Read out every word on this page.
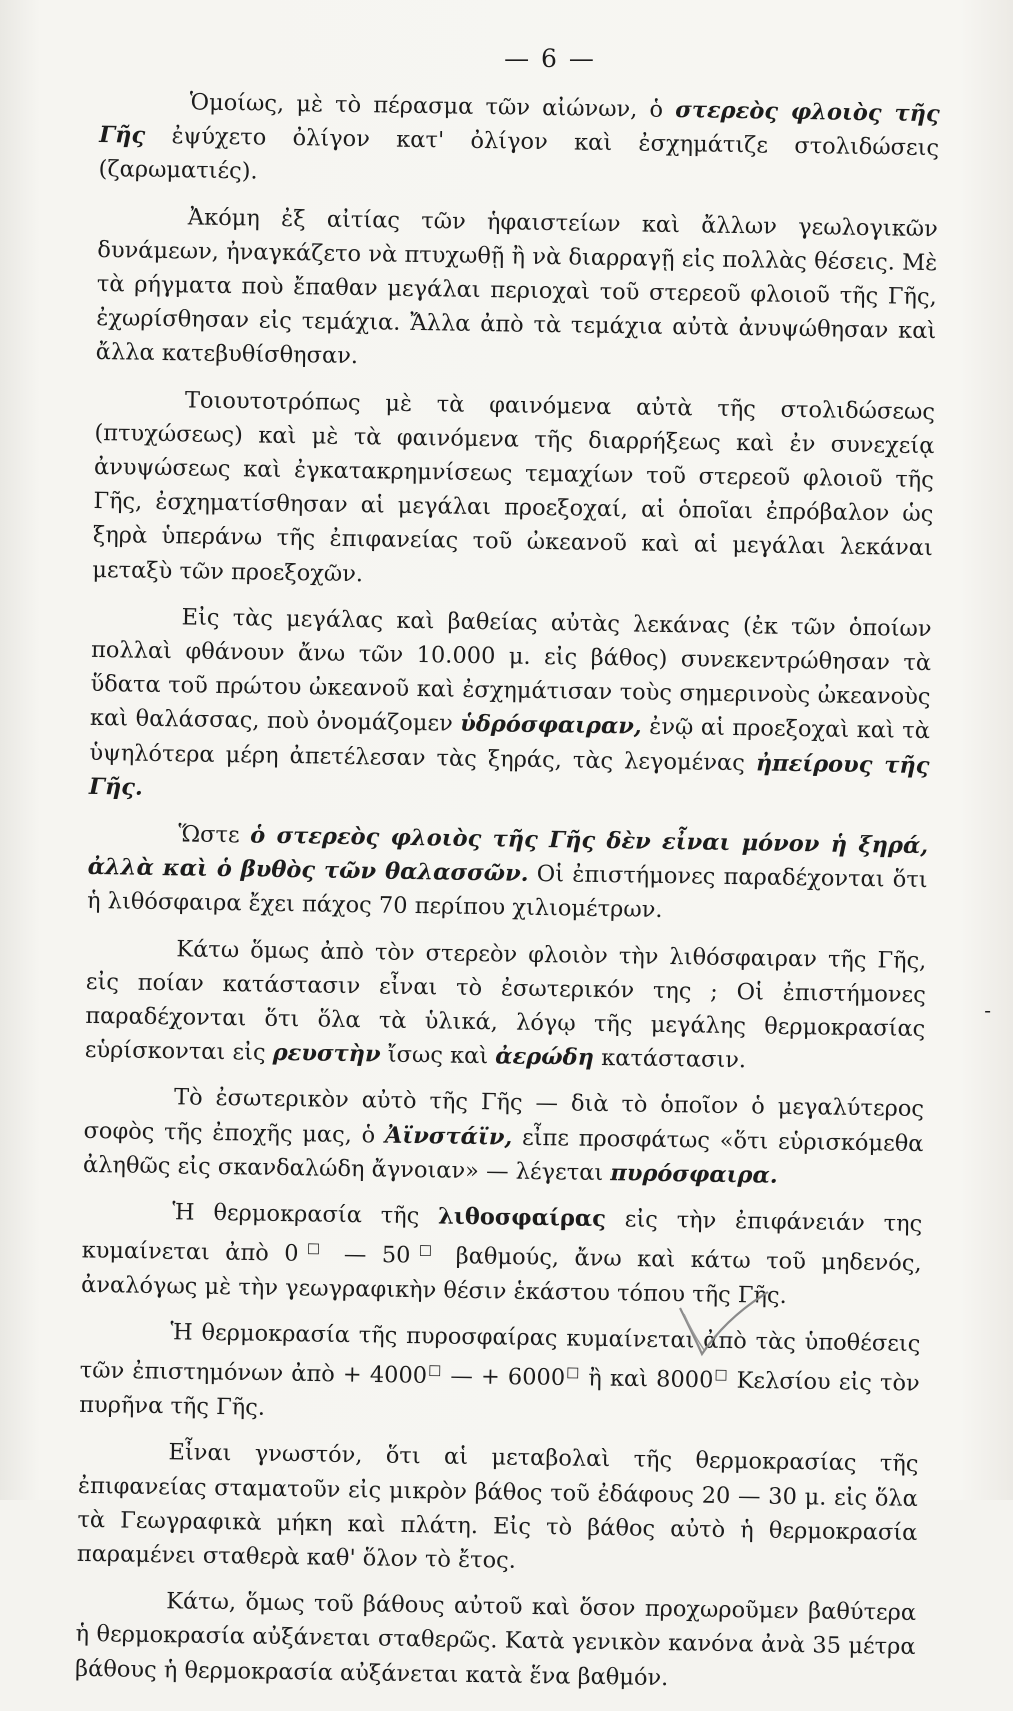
— 6 —

Ὁμοίως, μὲ τὸ πέρασμα τῶν αἰώνων, ὁ στερεὸς φλοιὸς τῆς Γῆς ἐψύχετο ὀλίγον κατ' ὀλίγον καὶ ἐσχημάτιζε στολιδώσεις (ζαρωματιές).

Ἀκόμη ἐξ αἰτίας τῶν ἡφαιστείων καὶ ἄλλων γεωλογικῶν δυνάμεων, ἠναγκάζετο νὰ πτυχωθῇ ἢ νὰ διαρραγῇ εἰς πολλὰς θέσεις. Μὲ τὰ ρήγματα ποὺ ἔπαθαν μεγάλαι περιοχαὶ τοῦ στερεοῦ φλοιοῦ τῆς Γῆς, ἐχωρίσθησαν εἰς τεμάχια. Ἄλλα ἀπὸ τὰ τεμάχια αὐτὰ ἀνυψώθησαν καὶ ἄλλα κατεβυθίσθησαν.

Τοιουτοτρόπως μὲ τὰ φαινόμενα αὐτὰ τῆς στολιδώσεως (πτυχώσεως) καὶ μὲ τὰ φαινόμενα τῆς διαρρήξεως καὶ ἐν συνεχείᾳ ἀνυψώσεως καὶ ἐγκατακρημνίσεως τεμαχίων τοῦ στερεοῦ φλοιοῦ τῆς Γῆς, ἐσχηματίσθησαν αἱ μεγάλαι προεξοχαί, αἱ ὁποῖαι ἐπρόβαλον ὡς ξηρὰ ὑπεράνω τῆς ἐπιφανείας τοῦ ὠκεανοῦ καὶ αἱ μεγάλαι λεκάναι μεταξὺ τῶν προεξοχῶν.

Εἰς τὰς μεγάλας καὶ βαθείας αὐτὰς λεκάνας (ἐκ τῶν ὁποίων πολλαὶ φθάνουν ἄνω τῶν 10.000 μ. εἰς βάθος) συνεκεντρώθησαν τὰ ὕδατα τοῦ πρώτου ὠκεανοῦ καὶ ἐσχημάτισαν τοὺς σημερινοὺς ὠκεανοὺς καὶ θαλάσσας, ποὺ ὀνομάζομεν ὑδρόσφαιραν, ἐνῷ αἱ προεξοχαὶ καὶ τὰ ὑψηλότερα μέρη ἀπετέλεσαν τὰς ξηράς, τὰς λεγομένας ἠπείρους τῆς Γῆς.

Ὥστε ὁ στερεὸς φλοιὸς τῆς Γῆς δὲν εἶναι μόνον ἡ ξηρά, ἀλλὰ καὶ ὁ βυθὸς τῶν θαλασσῶν. Οἱ ἐπιστήμονες παραδέχονται ὅτι ἡ λιθόσφαιρα ἔχει πάχος 70 περίπου χιλιομέτρων.

Κάτω ὅμως ἀπὸ τὸν στερεὸν φλοιὸν τὴν λιθόσφαιραν τῆς Γῆς, εἰς ποίαν κατάστασιν εἶναι τὸ ἐσωτερικόν της ; Οἱ ἐπιστήμονες παραδέχονται ὅτι ὅλα τὰ ὑλικά, λόγῳ τῆς μεγάλης θερμοκρασίας εὑρίσκονται εἰς ρευστὴν ἴσως καὶ ἀερώδη κατάστασιν.

Τὸ ἐσωτερικὸν αὐτὸ τῆς Γῆς — διὰ τὸ ὁποῖον ὁ μεγαλύτερος σοφὸς τῆς ἐποχῆς μας, ὁ Ἀϊνστάϊν, εἶπε προσφάτως «ὅτι εὑρισκόμεθα ἀληθῶς εἰς σκανδαλώδη ἄγνοιαν» — λέγεται πυρόσφαιρα.

Ἡ θερμοκρασία τῆς λιθοσφαίρας εἰς τὴν ἐπιφάνειάν της κυμαίνεται ἀπὸ 0□ — 50□ βαθμούς, ἄνω καὶ κάτω τοῦ μηδενός, ἀναλόγως μὲ τὴν γεωγραφικὴν θέσιν ἑκάστου τόπου τῆς Γῆς.

Ἡ θερμοκρασία τῆς πυροσφαίρας κυμαίνεται ἀπὸ τὰς ὑποθέσεις τῶν ἐπιστημόνων ἀπὸ + 4000□ — + 6000□ ἢ καὶ 8000□ Κελσίου εἰς τὸν πυρῆνα τῆς Γῆς.

Εἶναι γνωστόν, ὅτι αἱ μεταβολαὶ τῆς θερμοκρασίας τῆς ἐπιφανείας σταματοῦν εἰς μικρὸν βάθος τοῦ ἐδάφους 20 — 30 μ. εἰς ὅλα τὰ Γεωγραφικὰ μήκη καὶ πλάτη. Εἰς τὸ βάθος αὐτὸ ἡ θερμοκρασία παραμένει σταθερὰ καθ' ὅλον τὸ ἔτος.

Κάτω, ὅμως τοῦ βάθους αὐτοῦ καὶ ὅσον προχωροῦμεν βαθύτερα ἡ θερμοκρασία αὐξάνεται σταθερῶς. Κατὰ γενικὸν κανόνα ἀνὰ 35 μέτρα βάθους ἡ θερμοκρασία αὐξάνεται κατὰ ἕνα βαθμόν.

-
